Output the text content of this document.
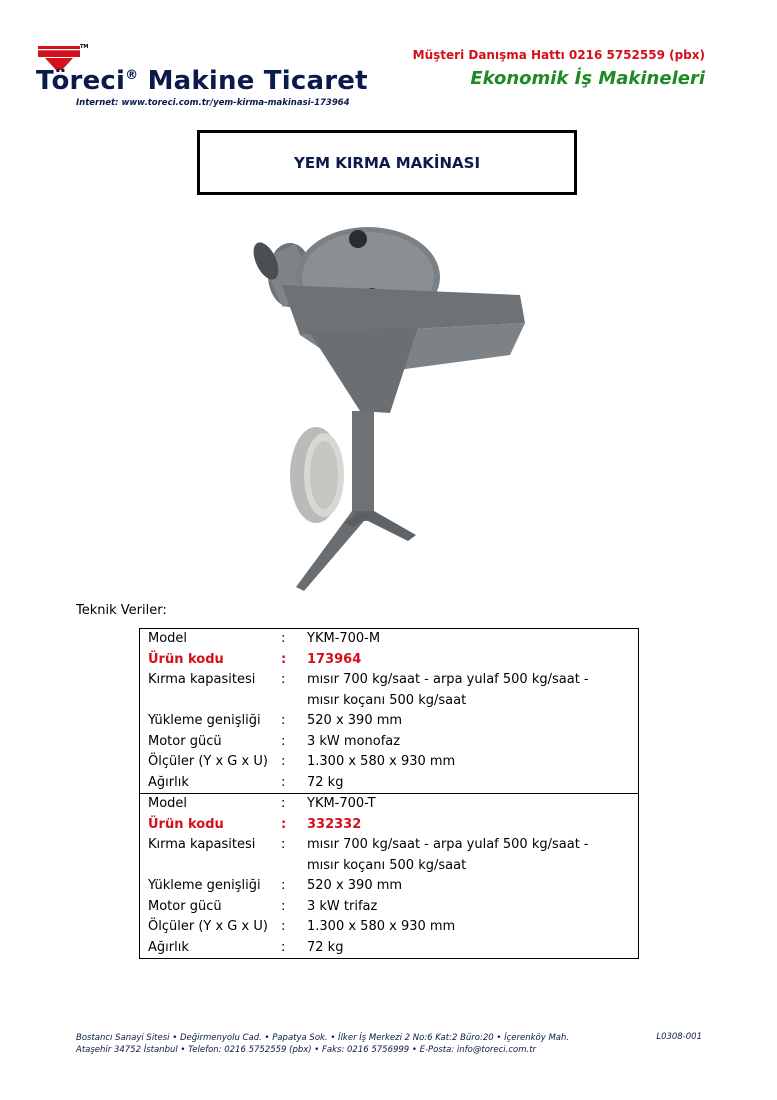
TM
Töreci® Makine Ticaret
Internet: www.toreci.com.tr/yem-kirma-makinasi-173964
Müşteri Danışma Hattı 0216 5752559 (pbx)
Ekonomik İş Makineleri
YEM KIRMA MAKİNASI
Teknik Veriler:
Model	:	YKM-700-M
Ürün kodu	:	173964
Kırma kapasitesi	:	mısır 700 kg/saat - arpa yulaf 500 kg/saat -
mısır koçanı 500 kg/saat
Yükleme genişliği	:	520 x 390 mm
Motor gücü	:	3 kW monofaz
Ölçüler (Y x G x U)	:	1.300 x 580 x 930 mm
Ağırlık	:	72 kg
Model	:	YKM-700-T
Ürün kodu	:	332332
Kırma kapasitesi	:	mısır 700 kg/saat - arpa yulaf 500 kg/saat -
mısır koçanı 500 kg/saat
Yükleme genişliği	:	520 x 390 mm
Motor gücü	:	3 kW trifaz
Ölçüler (Y x G x U)	:	1.300 x 580 x 930 mm
Ağırlık	:	72 kg
Bostancı Sanayi Sitesi • Değirmenyolu Cad. • Papatya Sok. • İlker İş Merkezi 2 No:6 Kat:2 Büro:20 • İçerenköy Mah.
Ataşehir 34752 İstanbul • Telefon: 0216 5752559 (pbx) • Faks: 0216 5756999 • E-Posta: info@toreci.com.tr
L0308-001
